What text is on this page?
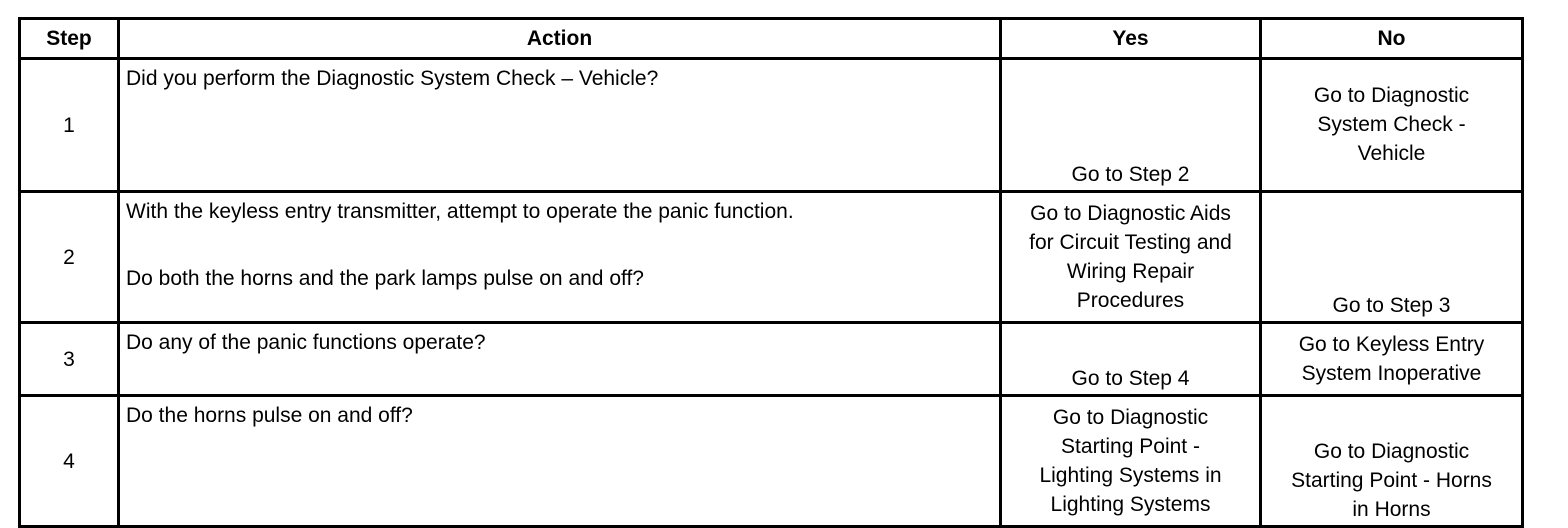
Step	Action	Yes	No
1	Did you perform the Diagnostic System Check – Vehicle?	Go to Step 2	Go to Diagnostic
System Check -
Vehicle

2	With the keyless entry transmitter, attempt to operate the panic function.
Do both the horns and the park lamps pulse on and off?	Go to Diagnostic Aids
for Circuit Testing and
Wiring Repair
Procedures	Go to Step 3

3	Do any of the panic functions operate?	Go to Step 4	Go to Keyless Entry
System Inoperative

4	Do the horns pulse on and off?	Go to Diagnostic
Starting Point -
Lighting Systems in
Lighting Systems	Go to Diagnostic
Starting Point - Horns
in Horns
